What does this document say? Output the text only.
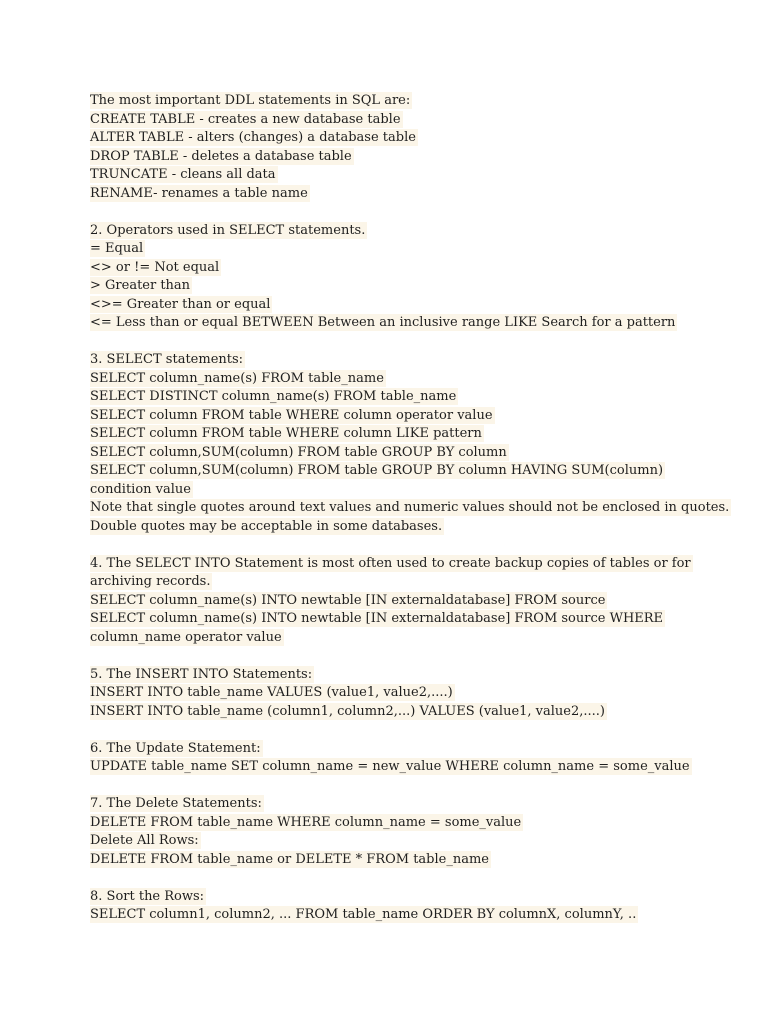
The most important DDL statements in SQL are:
CREATE TABLE - creates a new database table
ALTER TABLE - alters (changes) a database table
DROP TABLE - deletes a database table
TRUNCATE - cleans all data
RENAME- renames a table name
2. Operators used in SELECT statements.
= Equal
<> or != Not equal
> Greater than
<>= Greater than or equal
<= Less than or equal BETWEEN Between an inclusive range LIKE Search for a pattern
3. SELECT statements:
SELECT column_name(s) FROM table_name
SELECT DISTINCT column_name(s) FROM table_name
SELECT column FROM table WHERE column operator value
SELECT column FROM table WHERE column LIKE pattern
SELECT column,SUM(column) FROM table GROUP BY column
SELECT column,SUM(column) FROM table GROUP BY column HAVING SUM(column)
condition value
Note that single quotes around text values and numeric values should not be enclosed in quotes.
Double quotes may be acceptable in some databases.
4. The SELECT INTO Statement is most often used to create backup copies of tables or for
archiving records.
SELECT column_name(s) INTO newtable [IN externaldatabase] FROM source
SELECT column_name(s) INTO newtable [IN externaldatabase] FROM source WHERE
column_name operator value
5. The INSERT INTO Statements:
INSERT INTO table_name VALUES (value1, value2,....)
INSERT INTO table_name (column1, column2,...) VALUES (value1, value2,....)
6. The Update Statement:
UPDATE table_name SET column_name = new_value WHERE column_name = some_value
7. The Delete Statements:
DELETE FROM table_name WHERE column_name = some_value
Delete All Rows:
DELETE FROM table_name or DELETE * FROM table_name
8. Sort the Rows:
SELECT column1, column2, ... FROM table_name ORDER BY columnX, columnY, ..
